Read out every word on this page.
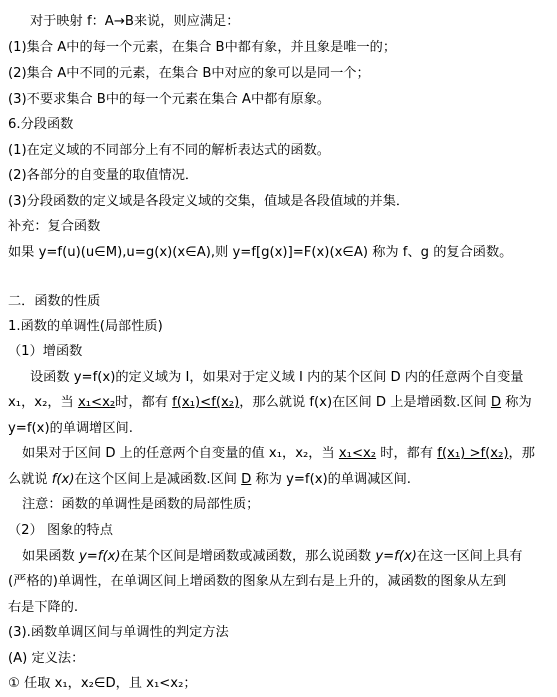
对于映射 f：A→B来说，则应满足：
(1)集合 A中的每一个元素，在集合 B中都有象，并且象是唯一的；
(2)集合 A中不同的元素，在集合 B中对应的象可以是同一个；
(3)不要求集合 B中的每一个元素在集合 A中都有原象。
6.分段函数
(1)在定义域的不同部分上有不同的解析表达式的函数。
(2)各部分的自变量的取值情况．
(3)分段函数的定义域是各段定义域的交集，值域是各段值域的并集．
补充：复合函数
如果 y=f(u)(u∈M),u=g(x)(x∈A),则 y=f[g(x)]=F(x)(x∈A) 称为 f、g 的复合函数。
二．函数的性质
1.函数的单调性(局部性质)
（1）增函数
设函数 y=f(x)的定义域为 I，如果对于定义域 I 内的某个区间 D 内的任意两个自变量
x₁，x₂，当 x₁<x₂时，都有 f(x₁)<f(x₂)，那么就说 f(x)在区间 D 上是增函数.区间 D 称为
y=f(x)的单调增区间.
如果对于区间 D 上的任意两个自变量的值 x₁，x₂，当 x₁<x₂ 时，都有 f(x₁) >f(x₂)，那
么就说 f(x)在这个区间上是减函数.区间 D 称为 y=f(x)的单调减区间.
注意：函数的单调性是函数的局部性质；
（2） 图象的特点
如果函数 y=f(x)在某个区间是增函数或减函数，那么说函数 y=f(x)在这一区间上具有
(严格的)单调性，在单调区间上增函数的图象从左到右是上升的，减函数的图象从左到
右是下降的.
(3).函数单调区间与单调性的判定方法
(A) 定义法：
① 任取 x₁，x₂∈D，且 x₁<x₂；
